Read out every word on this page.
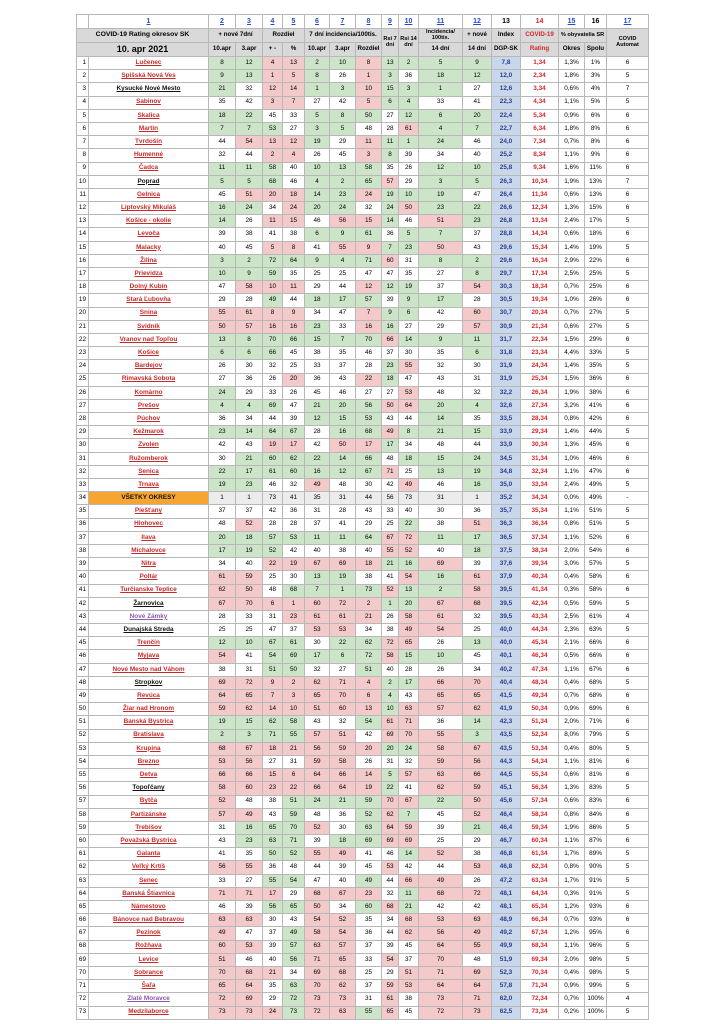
	1	2	3	4	5	6	7	8	9	10	11	12	13	14	15	16	17
COVID-19 Rating okresov SK		+ nové 7dní		Rozdiel		7 dní incidencia/100tis.			Rsi 7 dní	Rsi 14 dní	Incidencia/ 100tis.	+ nové	Index	COVID-19	% obyvatelia SR		COVID Automat
10. apr 2021		10.apr	3.apr	+ -	%	10.apr	3.apr	Rozdiel			14 dní	14 dní	DGP-SK	Rating	Okres	Spolu	
1	Lučenec	8	12	4	13	2	10	8	13	2	5	9	7,8	1,34	1,3%	1%	6
2	Spišská Nová Ves	9	13	1	5	8	26	1	3	36	18	12	12,0	2,34	1,8%	3%	5
3	Kysucké Nové Mesto	21	32	12	14	1	3	10	15	3	1	27	12,6	3,34	0,6%	4%	7
4	Sabinov	35	42	3	7	27	42	5	6	4	33	41	22,3	4,34	1,1%	5%	5
5	Skalica	18	22	45	33	5	8	50	27	12	6	20	22,4	5,34	0,9%	6%	6
6	Martin	7	7	53	27	3	5	48	28	61	4	7	22,7	6,34	1,8%	8%	6
7	Tvrdošín	44	54	13	12	19	29	11	11	1	24	46	24,0	7,34	0,7%	8%	6
8	Humenné	32	44	2	4	26	45	3	8	39	34	40	25,2	8,34	1,1%	9%	6
9	Čadca	11	11	58	40	10	13	58	35	26	12	10	25,8	9,34	1,6%	11%	6
10	Poprad	5	5	68	46	4	2	65	57	29	3	5	26,3	10,34	1,9%	13%	7
11	Gelnica	45	51	20	18	14	23	24	19	10	19	47	26,4	11,34	0,6%	13%	6
12	Liptovský Mikuláš	16	24	34	24	20	24	32	24	50	23	22	26,6	12,34	1,3%	15%	6
13	Košice - okolie	14	26	11	15	46	56	15	14	46	51	23	26,8	13,34	2,4%	17%	5
14	Levoča	39	38	41	38	6	9	61	36	5	7	37	28,8	14,34	0,6%	18%	6
15	Malacky	40	45	5	8	41	55	9	7	23	50	43	29,6	15,34	1,4%	19%	5
16	Žilina	3	2	72	64	9	4	71	60	31	8	2	29,6	16,34	2,9%	22%	6
17	Prievidza	10	9	59	35	25	25	47	47	35	27	8	29,7	17,34	2,5%	25%	5
18	Dolný Kubín	47	58	10	11	29	44	12	12	19	37	54	30,3	18,34	0,7%	25%	6
19	Stará Ľubovňa	29	28	49	44	18	17	57	39	9	17	28	30,5	19,34	1,0%	26%	6
20	Snina	55	61	8	9	34	47	7	9	6	42	60	30,7	20,34	0,7%	27%	5
21	Svidník	50	57	16	16	23	33	16	16	27	29	57	30,9	21,34	0,6%	27%	5
22	Vranov nad Topľou	13	8	70	66	15	7	70	66	14	9	11	31,7	22,34	1,5%	29%	6
23	Košice	6	6	66	45	38	35	46	37	30	35	6	31,8	23,34	4,4%	33%	5
24	Bardejov	26	30	32	25	33	37	28	23	55	32	30	31,9	24,34	1,4%	35%	5
25	Rimavská Sobota	27	36	26	20	36	43	22	18	47	43	31	31,9	25,34	1,5%	36%	6
26	Komárno	24	29	33	26	45	46	27	27	53	48	32	32,2	26,34	1,9%	38%	6
27	Prešov	4	4	69	47	21	20	56	50	64	20	4	32,6	27,34	3,2%	41%	6
28	Púchov	36	34	44	39	12	15	53	43	44	14	35	33,5	28,34	0,8%	42%	6
29	Kežmarok	23	14	64	67	28	16	68	49	8	21	15	33,9	29,34	1,4%	44%	5
30	Zvolen	42	43	19	17	42	50	17	17	34	48	44	33,9	30,34	1,3%	45%	6
31	Ružomberok	30	21	60	62	22	14	66	48	18	15	24	34,5	31,34	1,0%	46%	6
32	Senica	22	17	61	60	16	12	67	71	25	13	19	34,8	32,34	1,1%	47%	6
33	Trnava	19	23	46	32	49	48	30	42	49	46	16	35,0	33,34	2,4%	49%	5
34	VŠETKY OKRESY	1	1	73	41	35	31	44	56	73	31	1	35,2	34,34	0,0%	49%	-
35	Piešťany	37	37	42	36	31	28	43	33	40	30	36	35,7	35,34	1,1%	51%	5
36	Hlohovec	48	52	28	28	37	41	29	25	22	38	51	36,3	36,34	0,8%	51%	5
37	Ilava	20	18	57	53	11	11	64	67	72	11	17	36,5	37,34	1,1%	52%	6
38	Michalovce	17	19	52	42	40	38	40	55	52	40	18	37,5	38,34	2,0%	54%	6
39	Nitra	34	40	22	19	67	69	18	21	16	69	39	37,6	39,34	3,0%	57%	5
40	Poltár	61	59	25	30	13	19	38	41	54	16	61	37,9	40,34	0,4%	58%	6
41	Turčianske Teplice	62	50	48	68	7	1	73	52	13	2	58	39,5	41,34	0,3%	58%	6
42	Žarnovica	67	70	6	1	60	72	2	1	20	67	68	39,5	42,34	0,5%	59%	5
43	Nové Zámky	28	33	31	23	61	61	21	26	58	61	32	39,5	43,34	2,5%	61%	4
44	Dunajská Streda	25	25	47	37	53	53	34	38	49	54	25	40,0	44,34	2,3%	63%	5
45	Trenčín	12	10	67	61	30	22	62	72	65	26	13	40,0	45,34	2,1%	66%	6
46	Myjava	54	41	54	69	17	6	72	58	15	10	45	40,1	46,34	0,5%	66%	6
47	Nové Mesto nad Váhom	38	31	51	50	32	27	51	40	28	26	34	40,2	47,34	1,1%	67%	6
48	Stropkov	69	72	9	2	62	71	4	2	17	66	70	40,4	48,34	0,4%	68%	5
49	Revúca	64	65	7	3	65	70	6	4	43	65	65	41,5	49,34	0,7%	68%	6
50	Žiar nad Hronom	59	62	14	10	51	60	13	10	63	57	62	41,9	50,34	0,9%	69%	6
51	Banská Bystrica	19	15	62	58	43	32	54	61	71	36	14	42,3	51,34	2,0%	71%	6
52	Bratislava	2	3	71	55	57	51	42	69	70	55	3	43,5	52,34	8,0%	79%	5
53	Krupina	68	67	18	21	56	59	20	20	24	58	67	43,5	53,34	0,4%	80%	5
54	Brezno	53	56	27	31	59	58	26	31	32	59	56	44,3	54,34	1,1%	81%	6
55	Detva	66	66	15	6	64	66	14	5	57	63	66	44,5	55,34	0,6%	81%	6
56	Topoľčany	58	60	23	22	66	64	19	22	41	62	59	45,1	56,34	1,3%	83%	5
57	Bytča	52	48	38	51	24	21	59	70	67	22	50	45,6	57,34	0,6%	83%	6
58	Partizánske	57	49	43	59	48	36	52	62	7	45	52	46,4	58,34	0,8%	84%	6
59	Trebišov	31	16	65	70	52	30	63	64	59	39	21	46,4	59,34	1,9%	86%	5
60	Považská Bystrica	43	23	63	71	39	18	69	69	69	25	29	46,7	60,34	1,1%	87%	6
61	Galanta	41	35	50	52	55	49	41	46	14	52	38	46,8	61,34	1,7%	89%	5
62	Veľký Krtíš	56	55	36	48	44	39	45	53	42	44	53	46,8	62,34	0,8%	90%	5
63	Senec	33	27	55	54	47	40	49	44	66	49	26	47,2	63,34	1,7%	91%	5
64	Banská Štiavnica	71	71	17	29	68	67	23	32	11	68	72	48,1	64,34	0,3%	91%	5
65	Námestovo	46	39	56	65	50	34	60	68	21	42	42	48,1	65,34	1,2%	93%	6
66	Bánovce nad Bebravou	63	63	30	43	54	52	35	34	68	53	63	48,9	66,34	0,7%	93%	6
67	Pezinok	49	47	37	49	58	54	36	44	62	56	49	49,2	67,34	1,2%	95%	6
68	Rožňava	60	53	39	57	63	57	37	39	45	64	55	49,9	68,34	1,1%	96%	5
69	Levice	51	46	40	56	71	65	33	54	37	70	48	51,9	69,34	2,0%	98%	5
70	Sobrance	70	68	21	34	69	68	25	29	51	71	69	52,3	70,34	0,4%	98%	5
71	Šaľa	65	64	35	63	70	62	37	59	53	64	64	57,8	71,34	0,9%	99%	5
72	Zlaté Moravce	72	69	29	72	73	73	31	61	38	73	71	62,0	72,34	0,7%	100%	4
73	Medzilaborce	73	73	24	73	72	63	55	65	45	72	73	62,5	73,34	0,2%	100%	5
